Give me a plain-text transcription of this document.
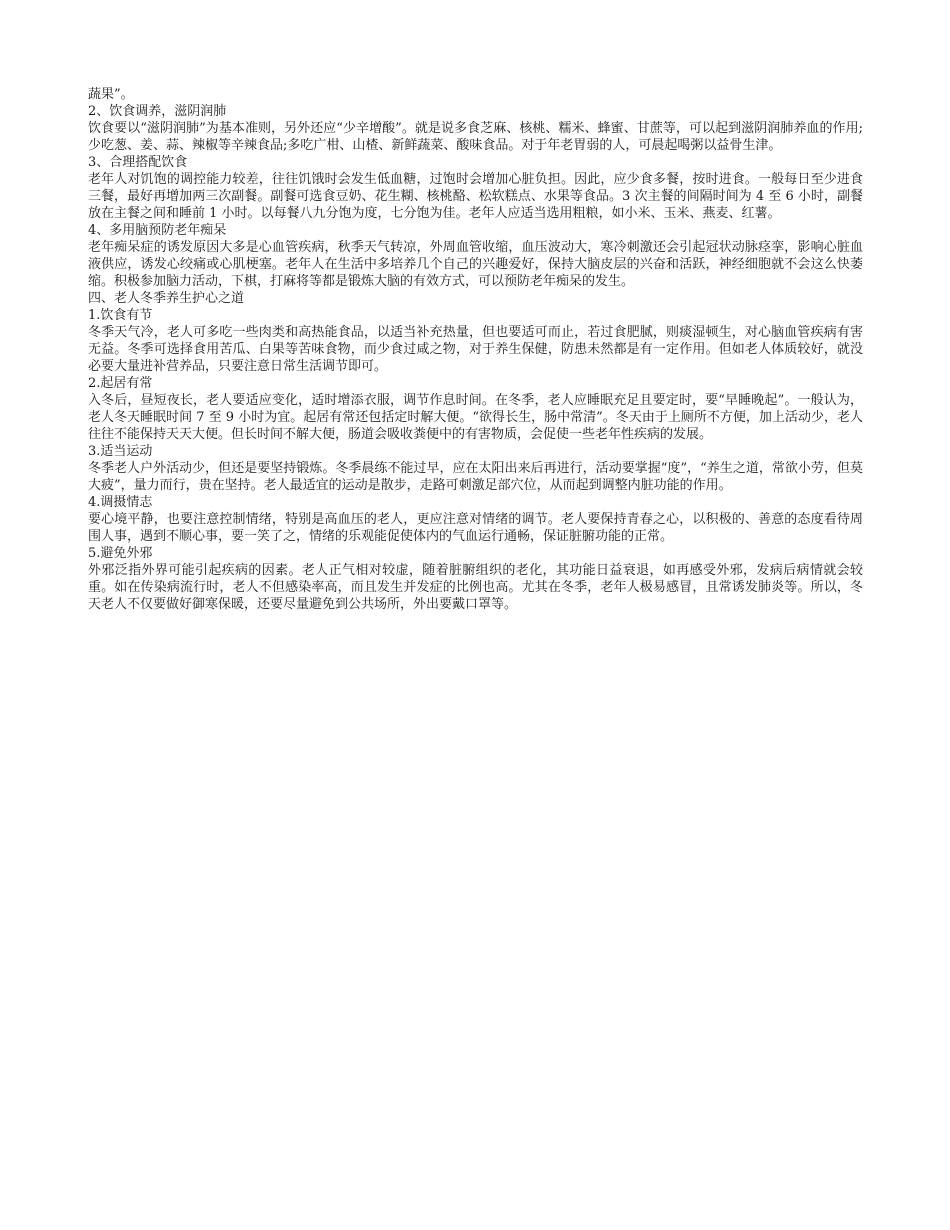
蔬果”。

2、饮食调养，滋阴润肺

饮食要以“滋阴润肺”为基本准则，另外还应“少辛增酸”。就是说多食芝麻、核桃、糯米、蜂蜜、甘蔗等，可以起到滋阴润肺养血的作用;少吃葱、姜、蒜、辣椒等辛辣食品;多吃广柑、山楂、新鲜蔬菜、酸味食品。对于年老胃弱的人，可晨起喝粥以益骨生津。

3、合理搭配饮食

老年人对饥饱的调控能力较差，往往饥饿时会发生低血糖，过饱时会增加心脏负担。因此，应少食多餐，按时进食。一般每日至少进食三餐，最好再增加两三次副餐。副餐可选食豆奶、花生糊、核桃酪、松软糕点、水果等食品。3 次主餐的间隔时间为 4 至 6 小时，副餐放在主餐之间和睡前 1 小时。以每餐八九分饱为度，七分饱为佳。老年人应适当选用粗粮，如小米、玉米、燕麦、红薯。

4、多用脑预防老年痴呆

老年痴呆症的诱发原因大多是心血管疾病，秋季天气转凉，外周血管收缩，血压波动大，寒冷刺激还会引起冠状动脉痉挛，影响心脏血液供应，诱发心绞痛或心肌梗塞。老年人在生活中多培养几个自己的兴趣爱好，保持大脑皮层的兴奋和活跃，神经细胞就不会这么快萎缩。积极参加脑力活动，下棋，打麻将等都是锻炼大脑的有效方式，可以预防老年痴呆的发生。

四、老人冬季养生护心之道

1.饮食有节

冬季天气冷，老人可多吃一些肉类和高热能食品，以适当补充热量，但也要适可而止，若过食肥腻，则痰湿顿生，对心脑血管疾病有害无益。冬季可选择食用苦瓜、白果等苦味食物，而少食过咸之物，对于养生保健，防患未然都是有一定作用。但如老人体质较好，就没必要大量进补营养品，只要注意日常生活调节即可。

2.起居有常

入冬后，昼短夜长，老人要适应变化，适时增添衣服，调节作息时间。在冬季，老人应睡眠充足且要定时，要“早睡晚起”。一般认为，老人冬天睡眠时间 7 至 9 小时为宜。起居有常还包括定时解大便。“欲得长生，肠中常清”。冬天由于上厕所不方便，加上活动少，老人往往不能保持天天大便。但长时间不解大便，肠道会吸收粪便中的有害物质，会促使一些老年性疾病的发展。

3.适当运动

冬季老人户外活动少，但还是要坚持锻炼。冬季晨练不能过早，应在太阳出来后再进行，活动要掌握“度”，“养生之道，常欲小劳，但莫大疲”，量力而行，贵在坚持。老人最适宜的运动是散步，走路可刺激足部穴位，从而起到调整内脏功能的作用。

4.调摄情志

要心境平静，也要注意控制情绪，特别是高血压的老人，更应注意对情绪的调节。老人要保持青春之心，以积极的、善意的态度看待周围人事，遇到不顺心事，要一笑了之，情绪的乐观能促使体内的气血运行通畅，保证脏腑功能的正常。

5.避免外邪

外邪泛指外界可能引起疾病的因素。老人正气相对较虚，随着脏腑组织的老化，其功能日益衰退，如再感受外邪，发病后病情就会较重。如在传染病流行时，老人不但感染率高，而且发生并发症的比例也高。尤其在冬季，老年人极易感冒，且常诱发肺炎等。所以，冬天老人不仅要做好御寒保暖，还要尽量避免到公共场所，外出要戴口罩等。
